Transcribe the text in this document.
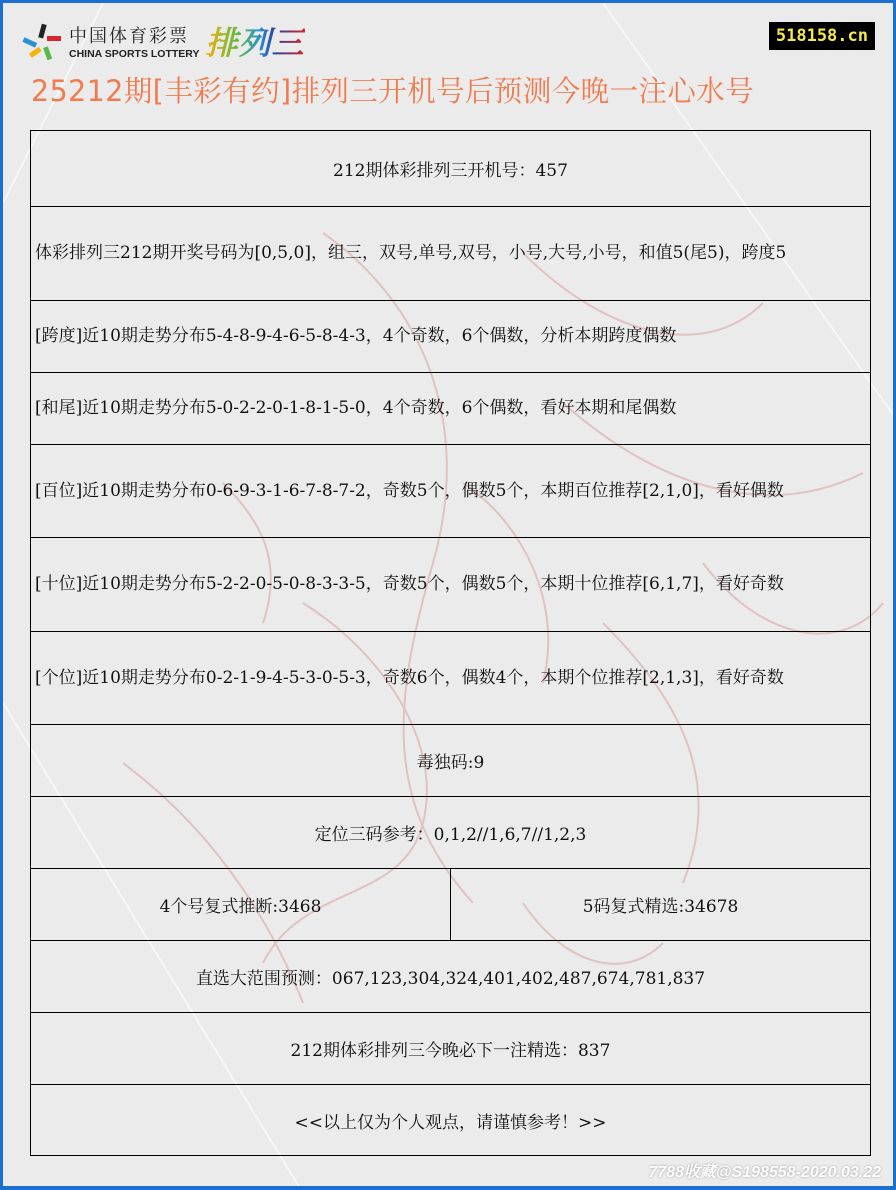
中国体育彩票
CHINA SPORTS LOTTERY 排列三	518158.cn
25212期[丰彩有约]排列三开机号后预测今晚一注心水号
212期体彩排列三开机号：457
体彩排列三212期开奖号码为[0,5,0]，组三，双号,单号,双号，小号,大号,小号，和值5(尾5)，跨度5
[跨度]近10期走势分布5-4-8-9-4-6-5-8-4-3，4个奇数，6个偶数，分析本期跨度偶数
[和尾]近10期走势分布5-0-2-2-0-1-8-1-5-0，4个奇数，6个偶数，看好本期和尾偶数
[百位]近10期走势分布0-6-9-3-1-6-7-8-7-2，奇数5个，偶数5个，本期百位推荐[2,1,0]，看好偶数
[十位]近10期走势分布5-2-2-0-5-0-8-3-3-5，奇数5个，偶数5个，本期十位推荐[6,1,7]，看好奇数
[个位]近10期走势分布0-2-1-9-4-5-3-0-5-3，奇数6个，偶数4个，本期个位推荐[2,1,3]，看好奇数
毒独码:9
定位三码参考：0,1,2//1,6,7//1,2,3
4个号复式推断:3468	5码复式精选:34678
直选大范围预测：067,123,304,324,401,402,487,674,781,837
212期体彩排列三今晚必下一注精选：837
<<以上仅为个人观点，请谨慎参考！>>
7788收藏@S198558-2020.03.22
